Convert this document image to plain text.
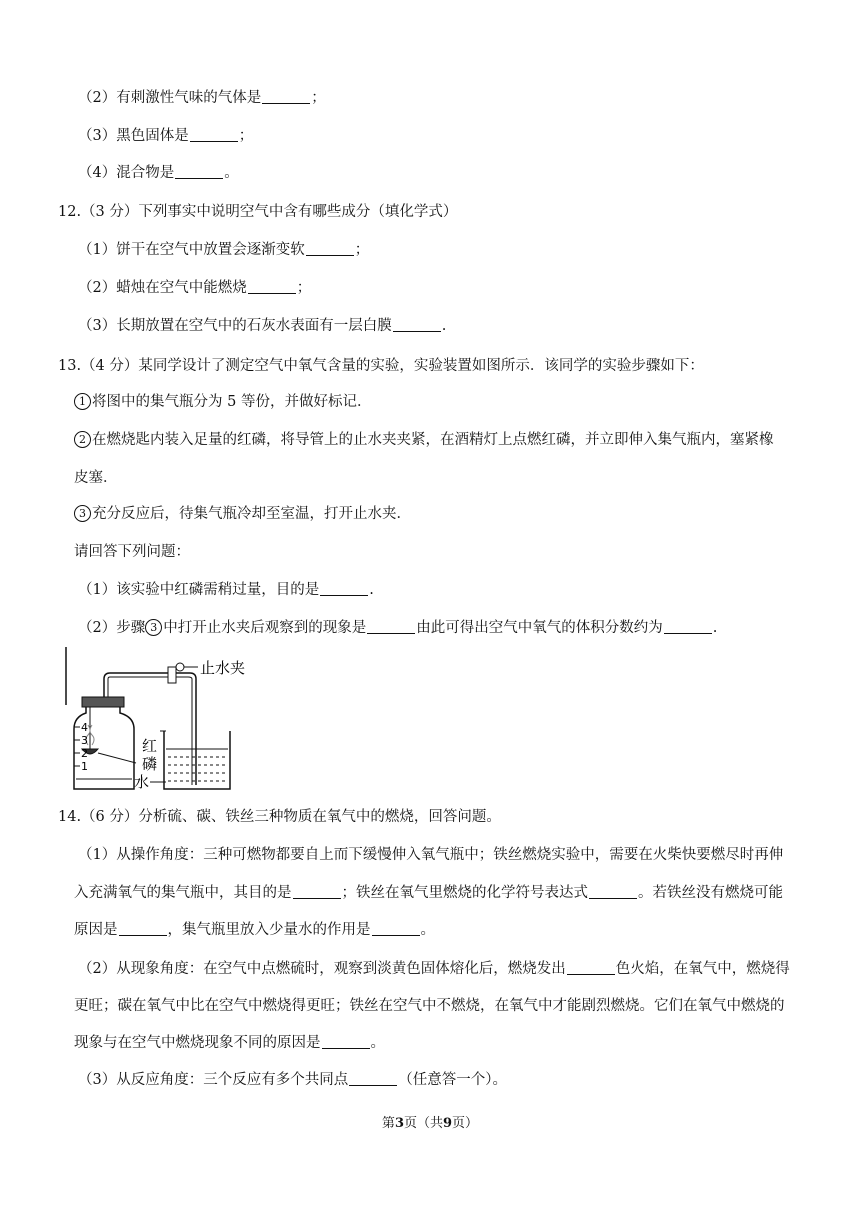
（2）有刺激性气味的气体是	；
（3）黑色固体是	；
（4）混合物是	。
12.（3 分）下列事实中说明空气中含有哪些成分（填化学式）
（1）饼干在空气中放置会逐渐变软	；
（2）蜡烛在空气中能燃烧	；
（3）长期放置在空气中的石灰水表面有一层白膜	.
13.（4 分）某同学设计了测定空气中氧气含量的实验，实验装置如图所示．该同学的实验步骤如下：
1 将图中的集气瓶分为 5 等份，并做好标记．
2 在燃烧匙内装入足量的红磷，将导管上的止水夹夹紧，在酒精灯上点燃红磷，并立即伸入集气瓶内，塞紧橡
皮塞．
3 充分反应后，待集气瓶冷却至室温，打开止水夹．
请回答下列问题：
（1）该实验中红磷需稍过量，目的是	.
（2）步骤 3 中打开止水夹后观察到的现象是	由此可得出空气中氧气的体积分数约为	.
4
3
2
1
止水夹
红
磷
水
14.（6 分）分析硫、碳、铁丝三种物质在氧气中的燃烧，回答问题。
（1）从操作角度：三种可燃物都要自上而下缓慢伸入氧气瓶中；铁丝燃烧实验中，需要在火柴快要燃尽时再伸
入充满氧气的集气瓶中，其目的是	；铁丝在氧气里燃烧的化学符号表达式	。若铁丝没有燃烧可能
原因是	，集气瓶里放入少量水的作用是	。
（2）从现象角度：在空气中点燃硫时，观察到淡黄色固体熔化后，燃烧发出	色火焰，在氧气中，燃烧得
更旺；碳在氧气中比在空气中燃烧得更旺；铁丝在空气中不燃烧，在氧气中才能剧烈燃烧。它们在氧气中燃烧的
现象与在空气中燃烧现象不同的原因是	。
（3）从反应角度：三个反应有多个共同点	（任意答一个）。
第3页（共9页）
